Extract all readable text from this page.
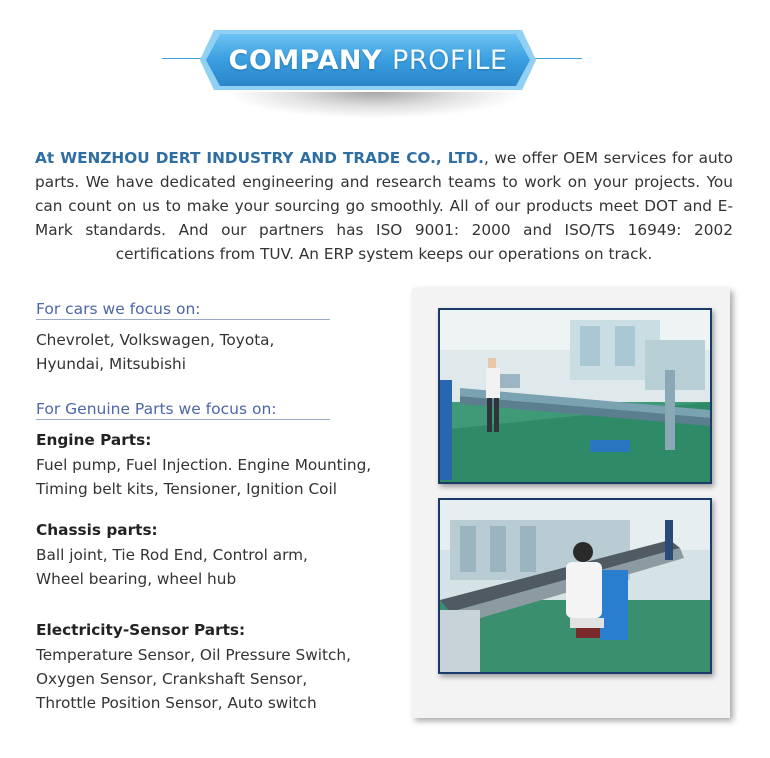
COMPANY PROFILE
At WENZHOU DERT INDUSTRY AND TRADE CO., LTD., we offer OEM services for auto parts. We have dedicated engineering and research teams to work on your projects. You can count on us to make your sourcing go smoothly. All of our products meet DOT and E-Mark standards. And our partners has ISO 9001: 2000 and ISO/TS 16949: 2002 certifications from TUV. An ERP system keeps our operations on track.
For cars we focus on:
Chevrolet, Volkswagen, Toyota,
Hyundai, Mitsubishi
For Genuine Parts we focus on:
Engine Parts:
Fuel pump, Fuel Injection. Engine Mounting,
Timing belt kits, Tensioner, Ignition Coil
Chassis parts:
Ball joint, Tie Rod End, Control arm,
Wheel bearing, wheel hub
Electricity-Sensor Parts:
Temperature Sensor, Oil Pressure Switch,
Oxygen Sensor, Crankshaft Sensor,
Throttle Position Sensor, Auto switch
